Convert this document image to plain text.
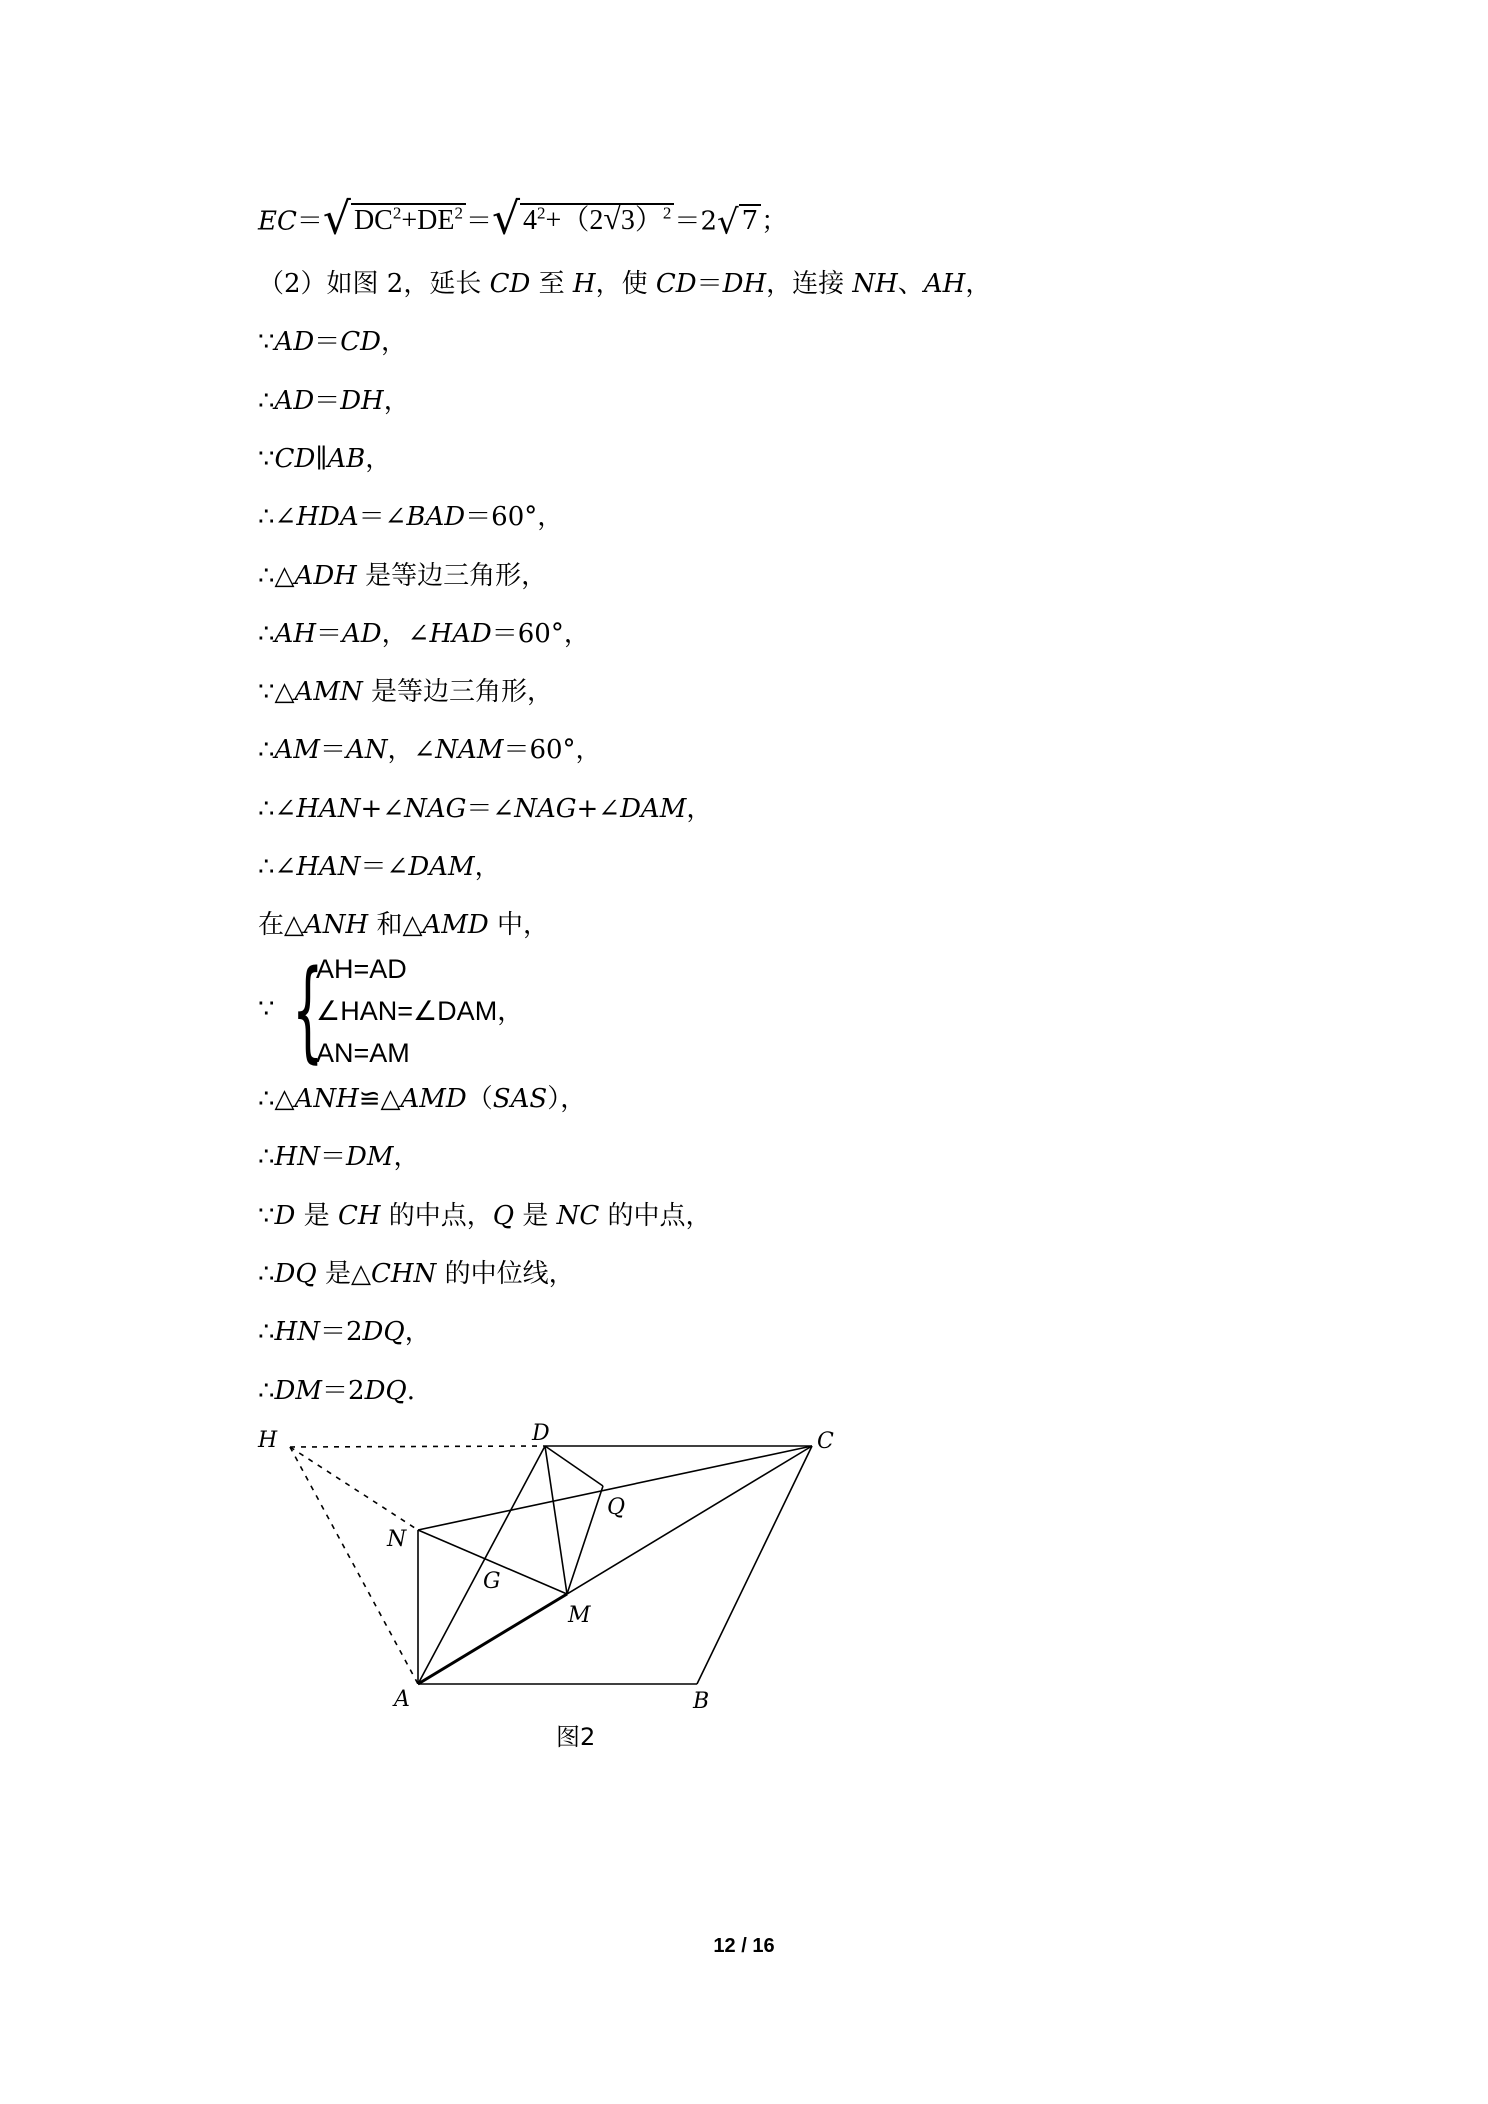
EC＝√ $DC^2+DE^2$ ＝√ $4^2+(2√3)^2 =2√$ 7 ；
（2）如图 2，延长 CD 至 H，使 CD＝DH，连接 NH、AH，
∵AD＝CD，
∴AD＝DH，
∵CD∥AB，
∴∠HDA＝∠BAD＝60°，
∴△ADH 是等边三角形，
∴AH＝AD，∠HAD＝60°，
∵△AMN 是等边三角形，
∴AM＝AN，∠NAM＝60°，
∴∠HAN+∠NAG＝∠NAG+∠DAM，
∴∠HAN＝∠DAM，
在△ANH 和△AMD 中，
∴△ANH≌△AMD（SAS），
∴HN＝DM，
∵D 是 CH 的中点，Q 是 NC 的中点，
∴DQ 是△CHN 的中位线，
∴HN＝2DQ，
∴DM＝2DQ.
∵ {
AH=AD
∠HAN=∠DAM，
AN=AM
H	D	C
Q
N
G
M
A	B
图2
12 / 16
